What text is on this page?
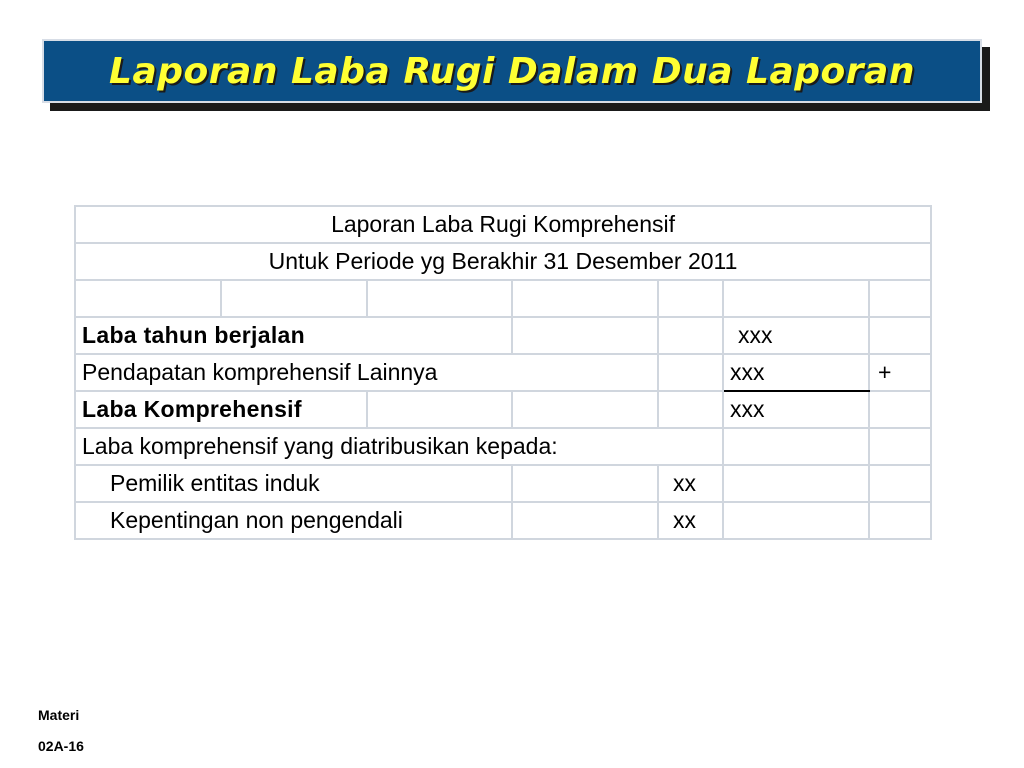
Laporan Laba Rugi Dalam Dua Laporan
Laporan Laba Rugi Komprehensif						
Untuk Periode yg Berakhir 31 Desember 2011						

Laba tahun berjalan					xxx	
Pendapatan komprehensif Lainnya					xxx	+
Laba Komprehensif					xxx	
Laba komprehensif yang diatribusikan kepada:						
Pemilik entitas induk				xx		
Kepentingan non pengendali				xx		
Materi
02A-16
